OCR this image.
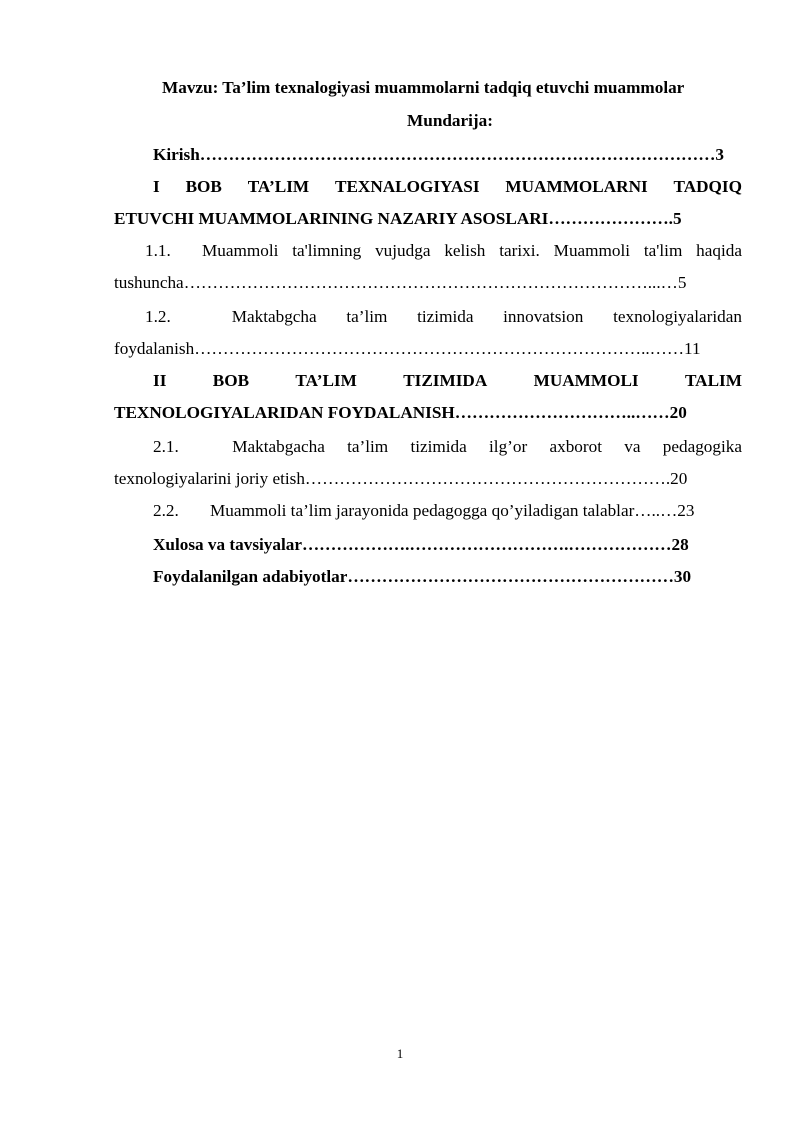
Mavzu: Ta’lim texnalogiyasi muammolarni tadqiq etuvchi muammolar
Mundarija:
Kirish………………………………………………………………………………3
I BOB TA’LIM TEXNALOGIYASI MUAMMOLARNI TADQIQ
ETUVCHI MUAMMOLARINING NAZARIY ASOSLARI………………….5
1.1.	Muammoli ta'limning vujudga kelish tarixi. Muammoli ta'lim haqida
tushuncha………………………………………………………………………...…5
1.2.	Maktabgcha ta’lim tizimida innovatsion texnologiyalaridan
foydalanish……………………………………………………………………..……11
II	BOB	TA’LIM	TIZIMIDA	MUAMMOLI	TALIM
TEXNOLOGIYALARIDAN FOYDALANISH…………………………..……20
2.1.	Maktabgacha ta’lim tizimida ilg’or axborot va pedagogika
texnologiyalarini joriy etish……………………………………………………….20
2.2. Muammoli ta’lim jarayonida pedagogga qo’yiladigan talablar…..…23
Xulosa va tavsiyalar……………….……………………….………………28
Foydalanilgan adabiyotlar…………………………………………………30
1
